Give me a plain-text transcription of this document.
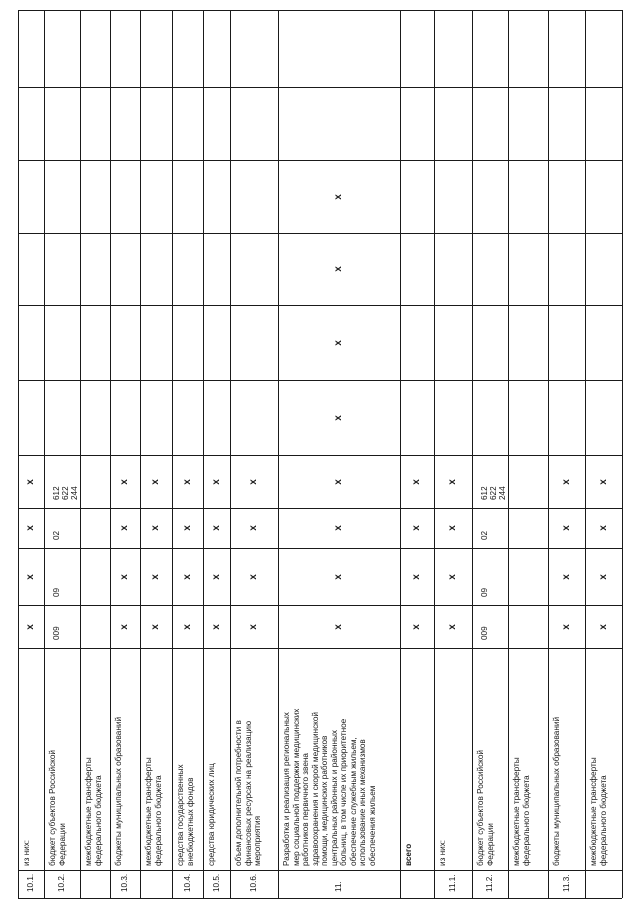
10.1.
из них:
x
x
x
x
10.2.
бюджет субъектов Российской
Федерации
009
09
02
612
622
244
межбюджетные трансферты
федерального бюджета
10.3.
бюджеты муниципальных образований
x
x
x
x
межбюджетные трансферты
федерального бюджета
x
x
x
x
10.4.
средства государственных
внебюджетных фондов
x
x
x
x
10.5.
средства юридических лиц
x
x
x
x
10.6.
объем дополнительной потребности в
финансовых ресурсах на реализацию
мероприятия
x
x
x
x
11.
Разработка и реализация региональных
мер социальной поддержки медицинских
работников первичного звена
здравоохранения и скорой медицинской
помощи, медицинских работников
центральных районных и районных
больниц, в том числе их приоритетное
обеспечение служебным жильем,
использование иных механизмов
обеспечения жильем
x
x
x
x
x
x
x
x
всего
x
x
x
x
11.1.
из них:
x
x
x
x
11.2.
бюджет субъектов Российской
Федерации
009
09
02
612
622
244
межбюджетные трансферты
федерального бюджета
11.3.
бюджеты муниципальных образований
x
x
x
x
межбюджетные трансферты
федерального бюджета
x
x
x
x
